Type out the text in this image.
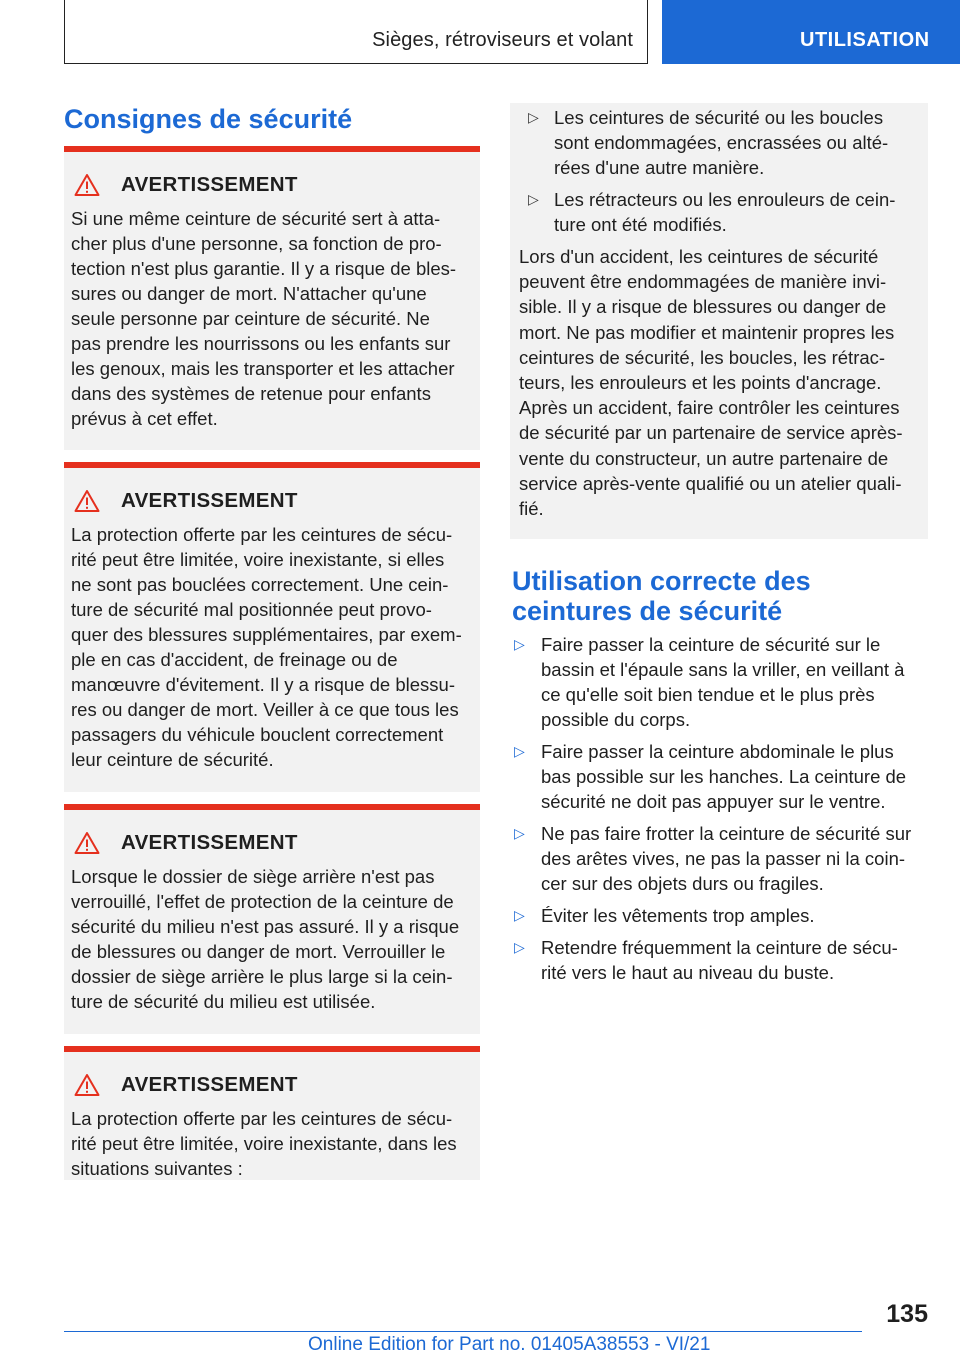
Sièges, rétroviseurs et volant	UTILISATION
Consignes de sécurité
AVERTISSEMENT

Si une même ceinture de sécurité sert à atta-
cher plus d'une personne, sa fonction de pro-
tection n'est plus garantie. Il y a risque de bles-
sures ou danger de mort. N'attacher qu'une
seule personne par ceinture de sécurité. Ne
pas prendre les nourrissons ou les enfants sur
les genoux, mais les transporter et les attacher
dans des systèmes de retenue pour enfants
prévus à cet effet.

AVERTISSEMENT

La protection offerte par les ceintures de sécu-
rité peut être limitée, voire inexistante, si elles
ne sont pas bouclées correctement. Une cein-
ture de sécurité mal positionnée peut provo-
quer des blessures supplémentaires, par exem-
ple en cas d'accident, de freinage ou de
manœuvre d'évitement. Il y a risque de blessu-
res ou danger de mort. Veiller à ce que tous les
passagers du véhicule bouclent correctement
leur ceinture de sécurité.

AVERTISSEMENT

Lorsque le dossier de siège arrière n'est pas
verrouillé, l'effet de protection de la ceinture de
sécurité du milieu n'est pas assuré. Il y a risque
de blessures ou danger de mort. Verrouiller le
dossier de siège arrière le plus large si la cein-
ture de sécurité du milieu est utilisée.

AVERTISSEMENT

La protection offerte par les ceintures de sécu-
rité peut être limitée, voire inexistante, dans les
situations suivantes :

▷ Les ceintures de sécurité ou les boucles
sont endommagées, encrassées ou alté-
rées d'une autre manière.
▷ Les rétracteurs ou les enrouleurs de cein-
ture ont été modifiés.

Lors d'un accident, les ceintures de sécurité
peuvent être endommagées de manière invi-
sible. Il y a risque de blessures ou danger de
mort. Ne pas modifier et maintenir propres les
ceintures de sécurité, les boucles, les rétrac-
teurs, les enrouleurs et les points d'ancrage.
Après un accident, faire contrôler les ceintures
de sécurité par un partenaire de service après-
vente du constructeur, un autre partenaire de
service après-vente qualifié ou un atelier quali-
fié.

Utilisation correcte des ceintures de sécurité
▷ Faire passer la ceinture de sécurité sur le
bassin et l'épaule sans la vriller, en veillant à
ce qu'elle soit bien tendue et le plus près
possible du corps.
▷ Faire passer la ceinture abdominale le plus
bas possible sur les hanches. La ceinture de
sécurité ne doit pas appuyer sur le ventre.
▷ Ne pas faire frotter la ceinture de sécurité sur
des arêtes vives, ne pas la passer ni la coin-
cer sur des objets durs ou fragiles.
▷ Éviter les vêtements trop amples.
▷ Retendre fréquemment la ceinture de sécu-
rité vers le haut au niveau du buste.
135
Online Edition for Part no. 01405A38553 - VI/21
